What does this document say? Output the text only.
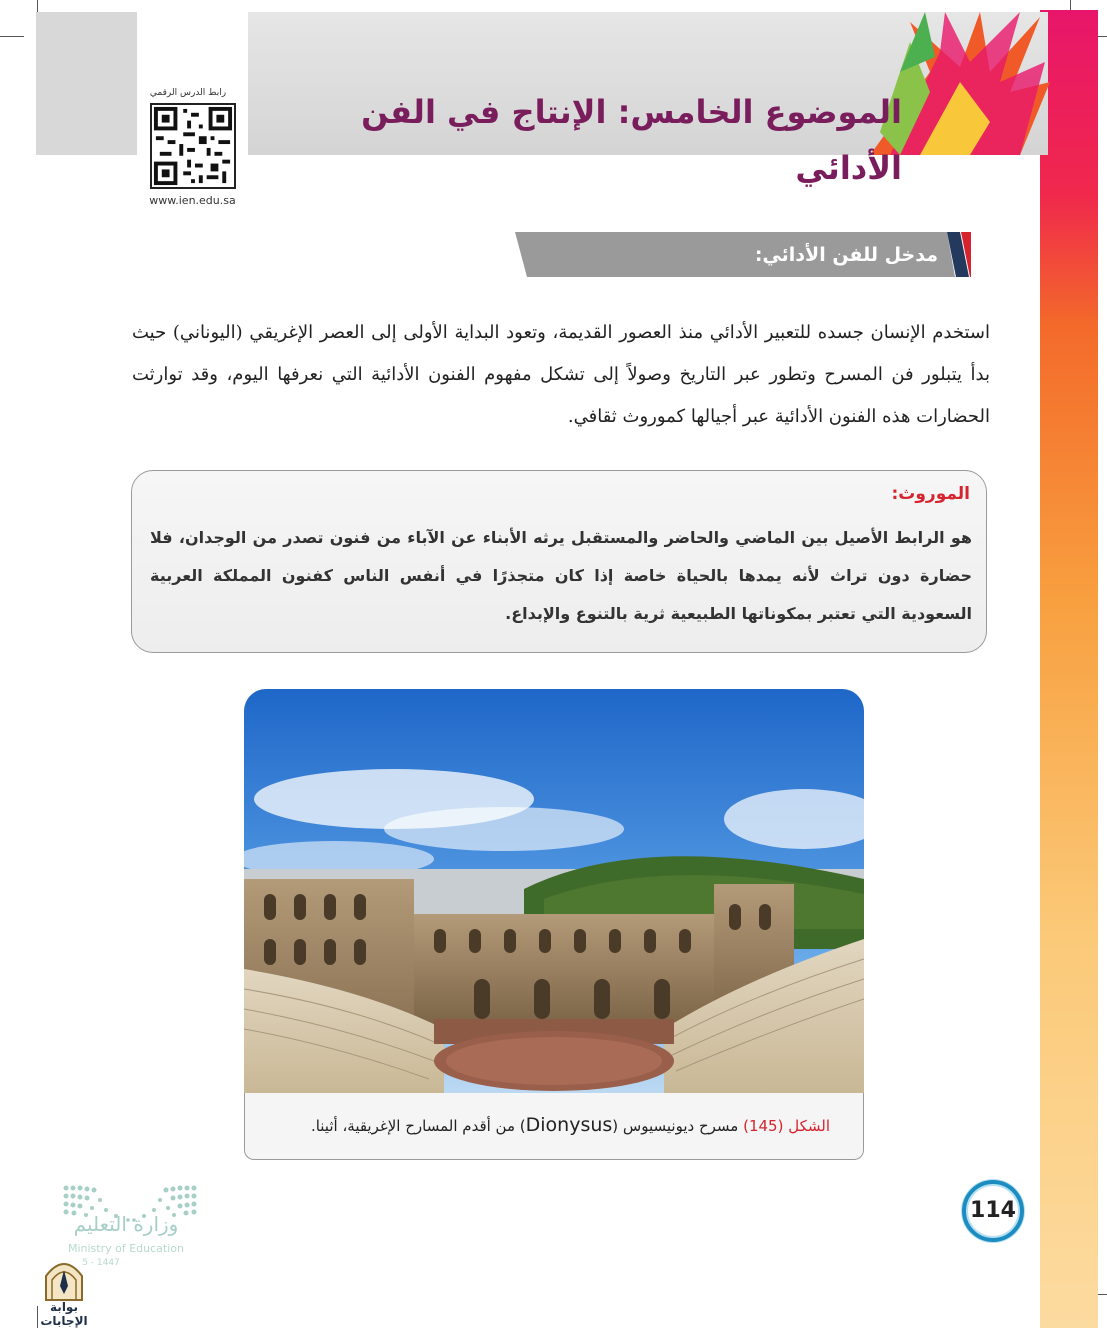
الموضوع الخامس: الإنتاج في الفن الأدائي
رابط الدرس الرقمي
www.ien.edu.sa
مدخل للفن الأدائي:

استخدم الإنسان جسده للتعبير الأدائي منذ العصور القديمة، وتعود البداية الأولى إلى العصر الإغريقي (اليوناني) حيث بدأ يتبلور فن المسرح وتطور عبر التاريخ وصولاً إلى تشكل مفهوم الفنون الأدائية التي نعرفها اليوم، وقد توارثت الحضارات هذه الفنون الأدائية عبر أجيالها كموروث ثقافي.

الموروث:

هو الرابط الأصيل بين الماضي والحاضر والمستقبل يرثه الأبناء عن الآباء من فنون تصدر من الوجدان، فلا حضارة دون تراث لأنه يمدها بالحياة خاصة إذا كان متجذرًا في أنفس الناس كفنون المملكة العربية السعودية التي تعتبر بمكوناتها الطبيعية ثرية بالتنوع والإبداع.

الشكل (145) مسرح ديونيسيوس (Dionysus) من أقدم المسارح الإغريقية، أثينا.
وزارة التعليم
Ministry of Education
5 - 1447
بوابة الإجابات
114
